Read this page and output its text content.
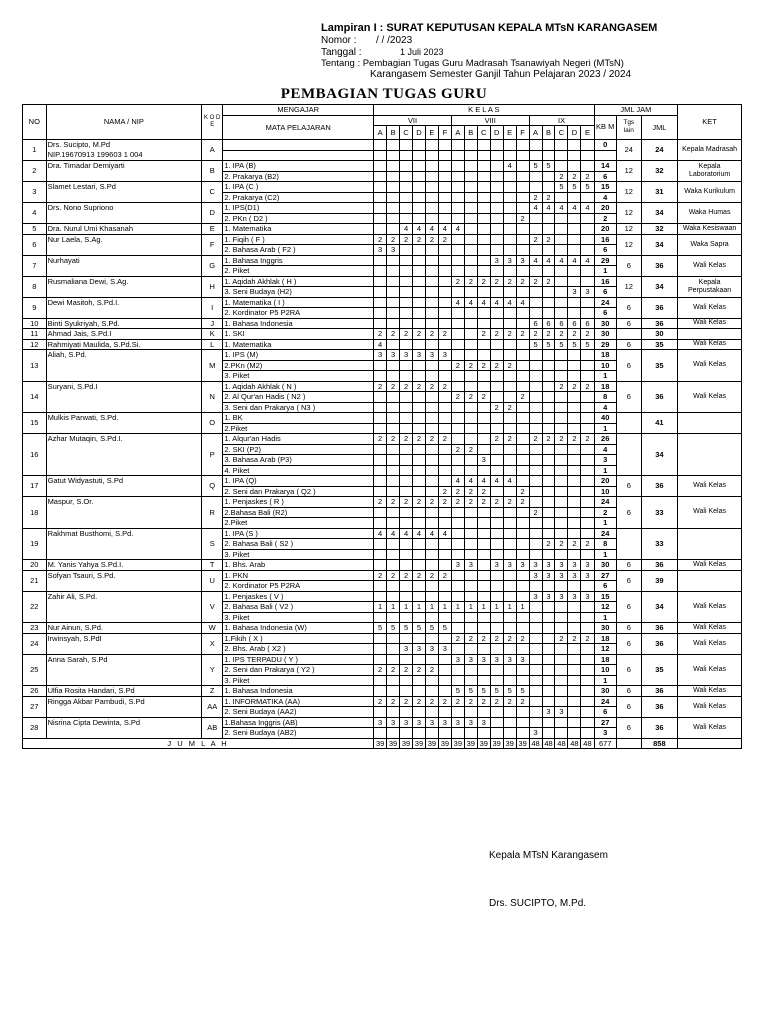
Lampiran I : SURAT KEPUTUSAN KEPALA MTsN KARANGASEM
Nomor : / / /2023
Tanggal :	1 Juli 2023
Tentang : Pembagian Tugas Guru Madrasah Tsanawiyah Negeri (MTsN)
Karangasem Semester Ganjil Tahun Pelajaran 2023 / 2024
PEMBAGIAN TUGAS GURU
NO	NAMA / NIP	K O D E	MENGAJAR	K E L A S																	JML JAM			KET
			MATA PELAJARAN	VII						VIII						IX					KB M	Tgs lain	JML	
				A	B	C	D	E	F	A	B	C	D	E	F	A	B	C	D	E				
1	Drs. Sucipto, M.Pd
NIP.19670913 199603 1 004	A																			0	24	24	Kepala Madrasah

2	Dra. Timadar Demiyarti	B	1. IPA (B)											4		5	5				14	12	32	Kepala Laboratorium
			2. Prakarya (B2)															2	2	2	6			
3	Slamet Lestari, S.Pd	C	1. IPA (C )															5	5	5	15	12	31	Waka Kurikulum
			2. Prakarya (C2)													2	2				4			
4	Drs. Nono Supriono	D	1. IPS(D1)													4	4	4	4	4	20	12	34	Waka Humas
			2. PKn ( D2 )												2						2			
5	Dra. Nurul Umi Khasanah	E	1. Matematika			4	4	4	4	4											20	12	32	Waka Kesiswaan
6	Nur Laela, S.Ag.	F	1. Fiqih ( F )	2	2	2	2	2	2							2	2				16	12	34	Waka Sapra
			2. Bahasa Arab ( F2 )	3	3																6			
7	Nurhayati	G	1. Bahasa Inggris										3	3	3	4	4	4	4	4	29	6	36	Wali Kelas
			2. Piket																		1			
8	Rusmaliana Dewi, S.Ag.	H	1. Aqidah Akhlak ( H )							2	2	2	2	2	2	2	2				16	12	34	Kepala Perpustakaan
			3. Seni Budaya (H2)																3	3	6			
9	Dewi Masitoh, S.Pd.I.	I	1. Matematika ( I )							4	4	4	4	4	4						24	6	36	Wali Kelas
			2. Kordinator P5 P2RA																		6			
10	Binti Syukriyah, S.Pd.	J	1. Bahasa Indonesia													6	6	6	6	6	30	6	36	Wali Kelas
11	Ahmad Jais, S.Pd.I	K	1. SKI	2	2	2	2	2	2			2	2	2	2	2	2	2	2	2	30		30	
12	Rahmiyati Maulida, S.Pd.Si.	L	1. Matematika	4												5	5	5	5	5	29	6	35	Wali Kelas
13	Aliah, S.Pd.	M	1. IPS (M)	3	3	3	3	3	3												18	6	35	Wali Kelas
			2.PKn (M2)							2	2	2	2	2							10			
			3. Piket																		1			
14	Suryani, S.Pd.I	N	1. Aqidah Akhlak ( N )	2	2	2	2	2	2									2	2	2	18	6	36	Wali Kelas
			2. Al Qur'an Hadis ( N2 )							2	2	2			2						8			
			3. Seni dan Prakarya ( N3 )										2	2							4			
15	Mulkis Parwati, S.Pd.	O	1. BK																		40		41	
			2.Piket																		1			
16	Azhar Mutaqin, S.Pd.I.	P	1. Alqur'an Hadis	2	2	2	2	2	2				2	2		2	2	2	2	2	26		34	
			2. SKI (P2)							2	2										4			
			3. Bahasa Arab (P3)									3									3			
			4. Piket																		1			
17	Gatut Widyastuti, S.Pd	Q	1. IPA (Q)							4	4	4	4	4							20	6	36	Wali Kelas
			2. Seni dan Prakarya ( Q2 )						2	2	2	2			2						10			
18	Maspur, S.Or.	R	1. Penjaskes ( R )	2	2	2	2	2	2	2	2	2	2	2	2						24	6	33	Wali Kelas
			2.Bahasa Bali (R2)													2					2			
			2.Piket																		1			
19	Rakhmat Busthomi, S.Pd.	S	1. IPA (S )	4	4	4	4	4	4												24		33	
			2. Bahasa Bali ( S2 )														2	2	2	2	8			
			3. Piket																		1			
20	M. Yanis Yahya S.Pd.I.	T	1. Bhs. Arab							3	3		3	3	3	3	3	3	3	3	30	6	36	Wali Kelas
21	Sofyan Tsauri, S.Pd.	U	1. PKN	2	2	2	2	2	2							3	3	3	3	3	27	6	39	
			2. Kordinator P5 P2RA																		6			
22	Zahir Ali, S.Pd.	V	1. Penjaskes ( V )													3	3	3	3	3	15	6	34	Wali Kelas
			2. Bahasa Bali ( V2 )	1	1	1	1	1	1	1	1	1	1	1	1						12			
			3. Piket																		1			
23	Nur Ainun, S.Pd.	W	1. Bahasa Indonesia (W)	5	5	5	5	5	5												30	6	36	Wali Kelas
24	Irwinsyah, S.PdI	X	1.Fikih ( X )							2	2	2	2	2	2			2	2	2	18	6	36	Wali Kelas
			2. Bhs. Arab ( X2 )			3	3	3	3												12			
25	Anna Sarah, S.Pd	Y	1. IPS TERPADU ( Y )							3	3	3	3	3	3						18	6	35	Wali Kelas
			2. Seni dan Prakarya ( Y2 )	2	2	2	2	2													10			
			3. Piket																		1			
26	Ulfia Rosita Handari, S.Pd	Z	1. Bahasa Indonesia							5	5	5	5	5	5						30	6	36	Wali Kelas
27	Ringga Akbar Pambudi, S.Pd	AA	1. INFORMATIKA (AA)	2	2	2	2	2	2	2	2	2	2	2	2						24	6	36	Wali Kelas
			2. Seni Budaya (AA2)														3	3			6			
28	Nisrina Cipta Dewinta, S.Pd	AB	1.Bahasa Inggris (AB)	3	3	3	3	3	3	3	3	3									27	6	36	Wali Kelas
			2. Seni Budaya (AB2)													3					3			
J U M L A H				39	39	39	39	39	39	39	39	39	39	39	39	48	48	48	48	48	677		858	
Kepala MTsN Karangasem
Drs. SUCIPTO, M.Pd.
